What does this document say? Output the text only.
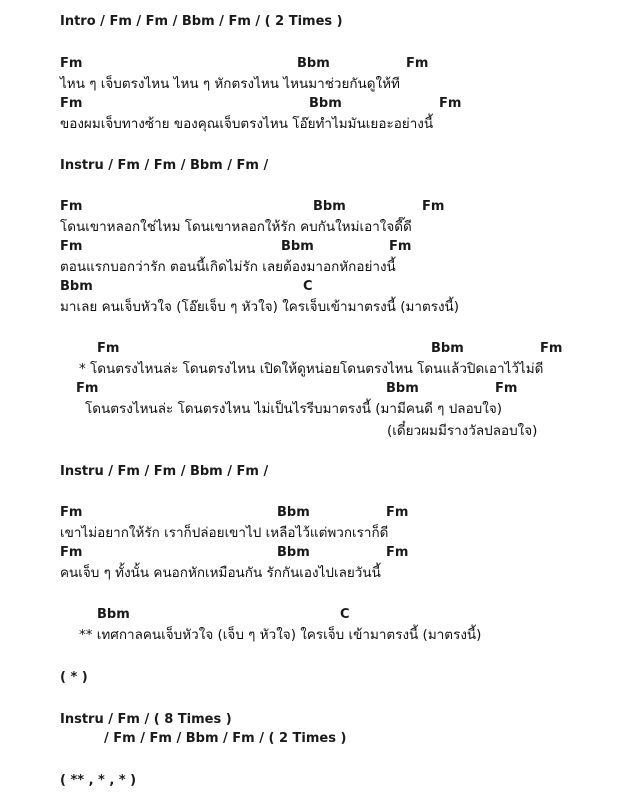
Intro / Fm / Fm / Bbm / Fm / ( 2 Times )
Fm	Bbm	Fm
ไหน ๆ เจ็บตรงไหน ไหน ๆ หักตรงไหน ไหนมาช่วยกันดูให้ที
Fm	Bbm	Fm
ของผมเจ็บทางซ้าย ของคุณเจ็บตรงไหน โอ๊ยทำไมมันเยอะอย่างนี้
Instru / Fm / Fm / Bbm / Fm /
Fm	Bbm	Fm
โดนเขาหลอกใช่ไหม โดนเขาหลอกให้รัก คบกันใหม่เอาใจดี๊ดี
Fm	Bbm	Fm
ตอนแรกบอกว่ารัก ตอนนี้เกิดไม่รัก เลยต้องมาอกหักอย่างนี้
Bbm	C
มาเลย คนเจ็บหัวใจ (โอ๊ยเจ็บ ๆ หัวใจ) ใครเจ็บเข้ามาตรงนี้ (มาตรงนี้)
Fm	Bbm	Fm
* โดนตรงไหนล่ะ โดนตรงไหน เปิดให้ดูหน่อยโดนตรงไหน โดนแล้วปิดเอาไว้ไม่ดี
Fm	Bbm	Fm
โดนตรงไหนล่ะ โดนตรงไหน ไม่เป็นไรรีบมาตรงนี้ (มามีคนดี ๆ ปลอบใจ)
(เดี๋ยวผมมีรางวัลปลอบใจ)
Instru / Fm / Fm / Bbm / Fm /
Fm	Bbm	Fm
เขาไม่อยากให้รัก เราก็ปล่อยเขาไป เหลือไว้แต่พวกเราก็ดี
Fm	Bbm	Fm
คนเจ็บ ๆ ทั้งนั้น คนอกหักเหมือนกัน รักกันเองไปเลยวันนี้
Bbm	C
** เทศกาลคนเจ็บหัวใจ (เจ็บ ๆ หัวใจ) ใครเจ็บ เข้ามาตรงนี้ (มาตรงนี้)
( * )
Instru / Fm / ( 8 Times )
/ Fm / Fm / Bbm / Fm / ( 2 Times )
( ** , * , * )
